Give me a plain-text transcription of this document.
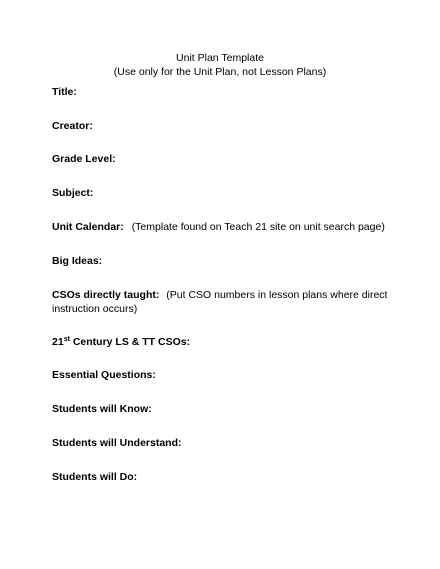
Unit Plan Template
(Use only for the Unit Plan, not Lesson Plans)
Title:
Creator:
Grade Level:
Subject:
Unit Calendar: (Template found on Teach 21 site on unit search page)
Big Ideas:
CSOs directly taught: (Put CSO numbers in lesson plans where direct instruction occurs)
21st Century LS & TT CSOs:
Essential Questions:
Students will Know:
Students will Understand:
Students will Do:
